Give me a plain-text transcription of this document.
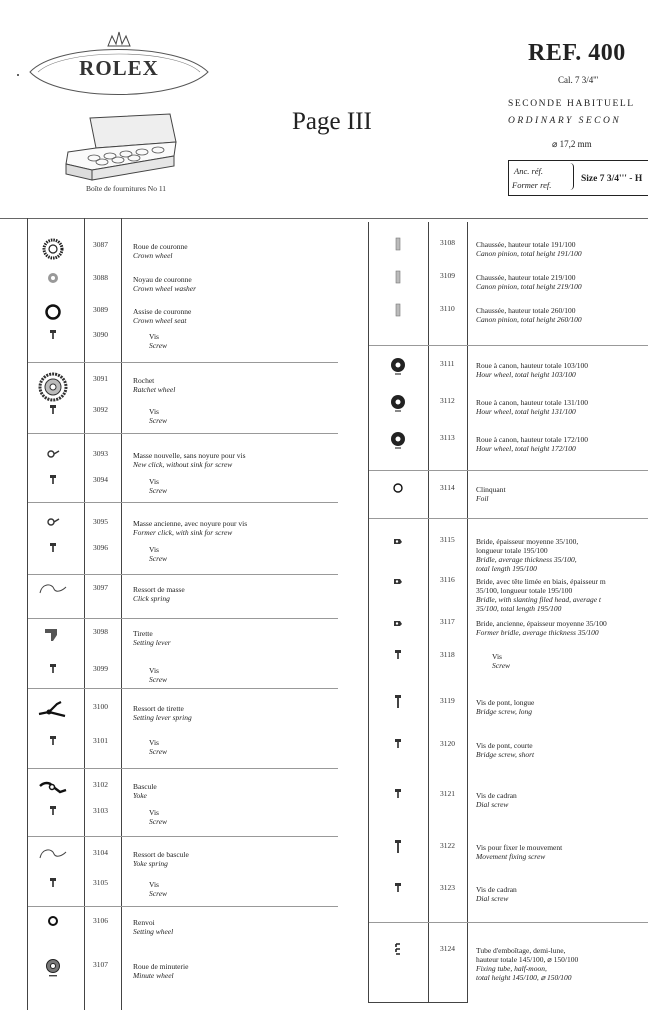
ROLEX
Boîte de fournitures No 11
Page III
REF. 400
Cal. 7 3/4'''
SECONDE HABITUELL
ORDINARY SECON
⌀ 17,2 mm
Anc. réf.
Former ref.
Size 7 3/4''' - H
3087	Roue de couronne
Crown wheel
3088	Noyau de couronne
Crown wheel washer
3089	Assise de couronne
Crown wheel seat
3090	Vis
Screw
3091	Rochet
Ratchet wheel
3092	Vis
Screw
3093	Masse nouvelle, sans noyure pour vis
New click, without sink for screw
3094	Vis
Screw
3095	Masse ancienne, avec noyure pour vis
Former click, with sink for screw
3096	Vis
Screw
3097	Ressort de masse
Click spring
3098	Tirette
Setting lever
3099	Vis
Screw
3100	Ressort de tirette
Setting lever spring
3101	Vis
Screw
3102	Bascule
Yoke
3103	Vis
Screw
3104	Ressort de bascule
Yoke spring
3105	Vis
Screw
3106	Renvoi
Setting wheel
3107	Roue de minuterie
Minute wheel
3108	Chaussée, hauteur totale 191/100
Canon pinion, total height 191/100
3109	Chaussée, hauteur totale 219/100
Canon pinion, total height 219/100
3110	Chaussée, hauteur totale 260/100
Canon pinion, total height 260/100
3111	Roue à canon, hauteur totale 103/100
Hour wheel, total height 103/100
3112	Roue à canon, hauteur totale 131/100
Hour wheel, total height 131/100
3113	Roue à canon, hauteur totale 172/100
Hour wheel, total height 172/100
3114	Clinquant
Foil
3115	Bride, épaisseur moyenne 35/100,
longueur totale 195/100
Bridle, average thickness 35/100,
total length 195/100
3116	Bride, avec tête limée en biais, épaisseur m
35/100, longueur totale 195/100
Bridle, with slanting filed head, average t
35/100, total length 195/100
3117	Bride, ancienne, épaisseur moyenne 35/100
Former bridle, average thickness 35/100
3118	Vis
Screw
3119	Vis de pont, longue
Bridge screw, long
3120	Vis de pont, courte
Bridge screw, short
3121	Vis de cadran
Dial screw
3122	Vis pour fixer le mouvement
Movement fixing screw
3123	Vis de cadran
Dial screw
3124	Tube d'emboîtage, demi-lune,
hauteur totale 145/100, ⌀ 150/100
Fixing tube, half-moon,
total height 145/100, ⌀ 150/100
